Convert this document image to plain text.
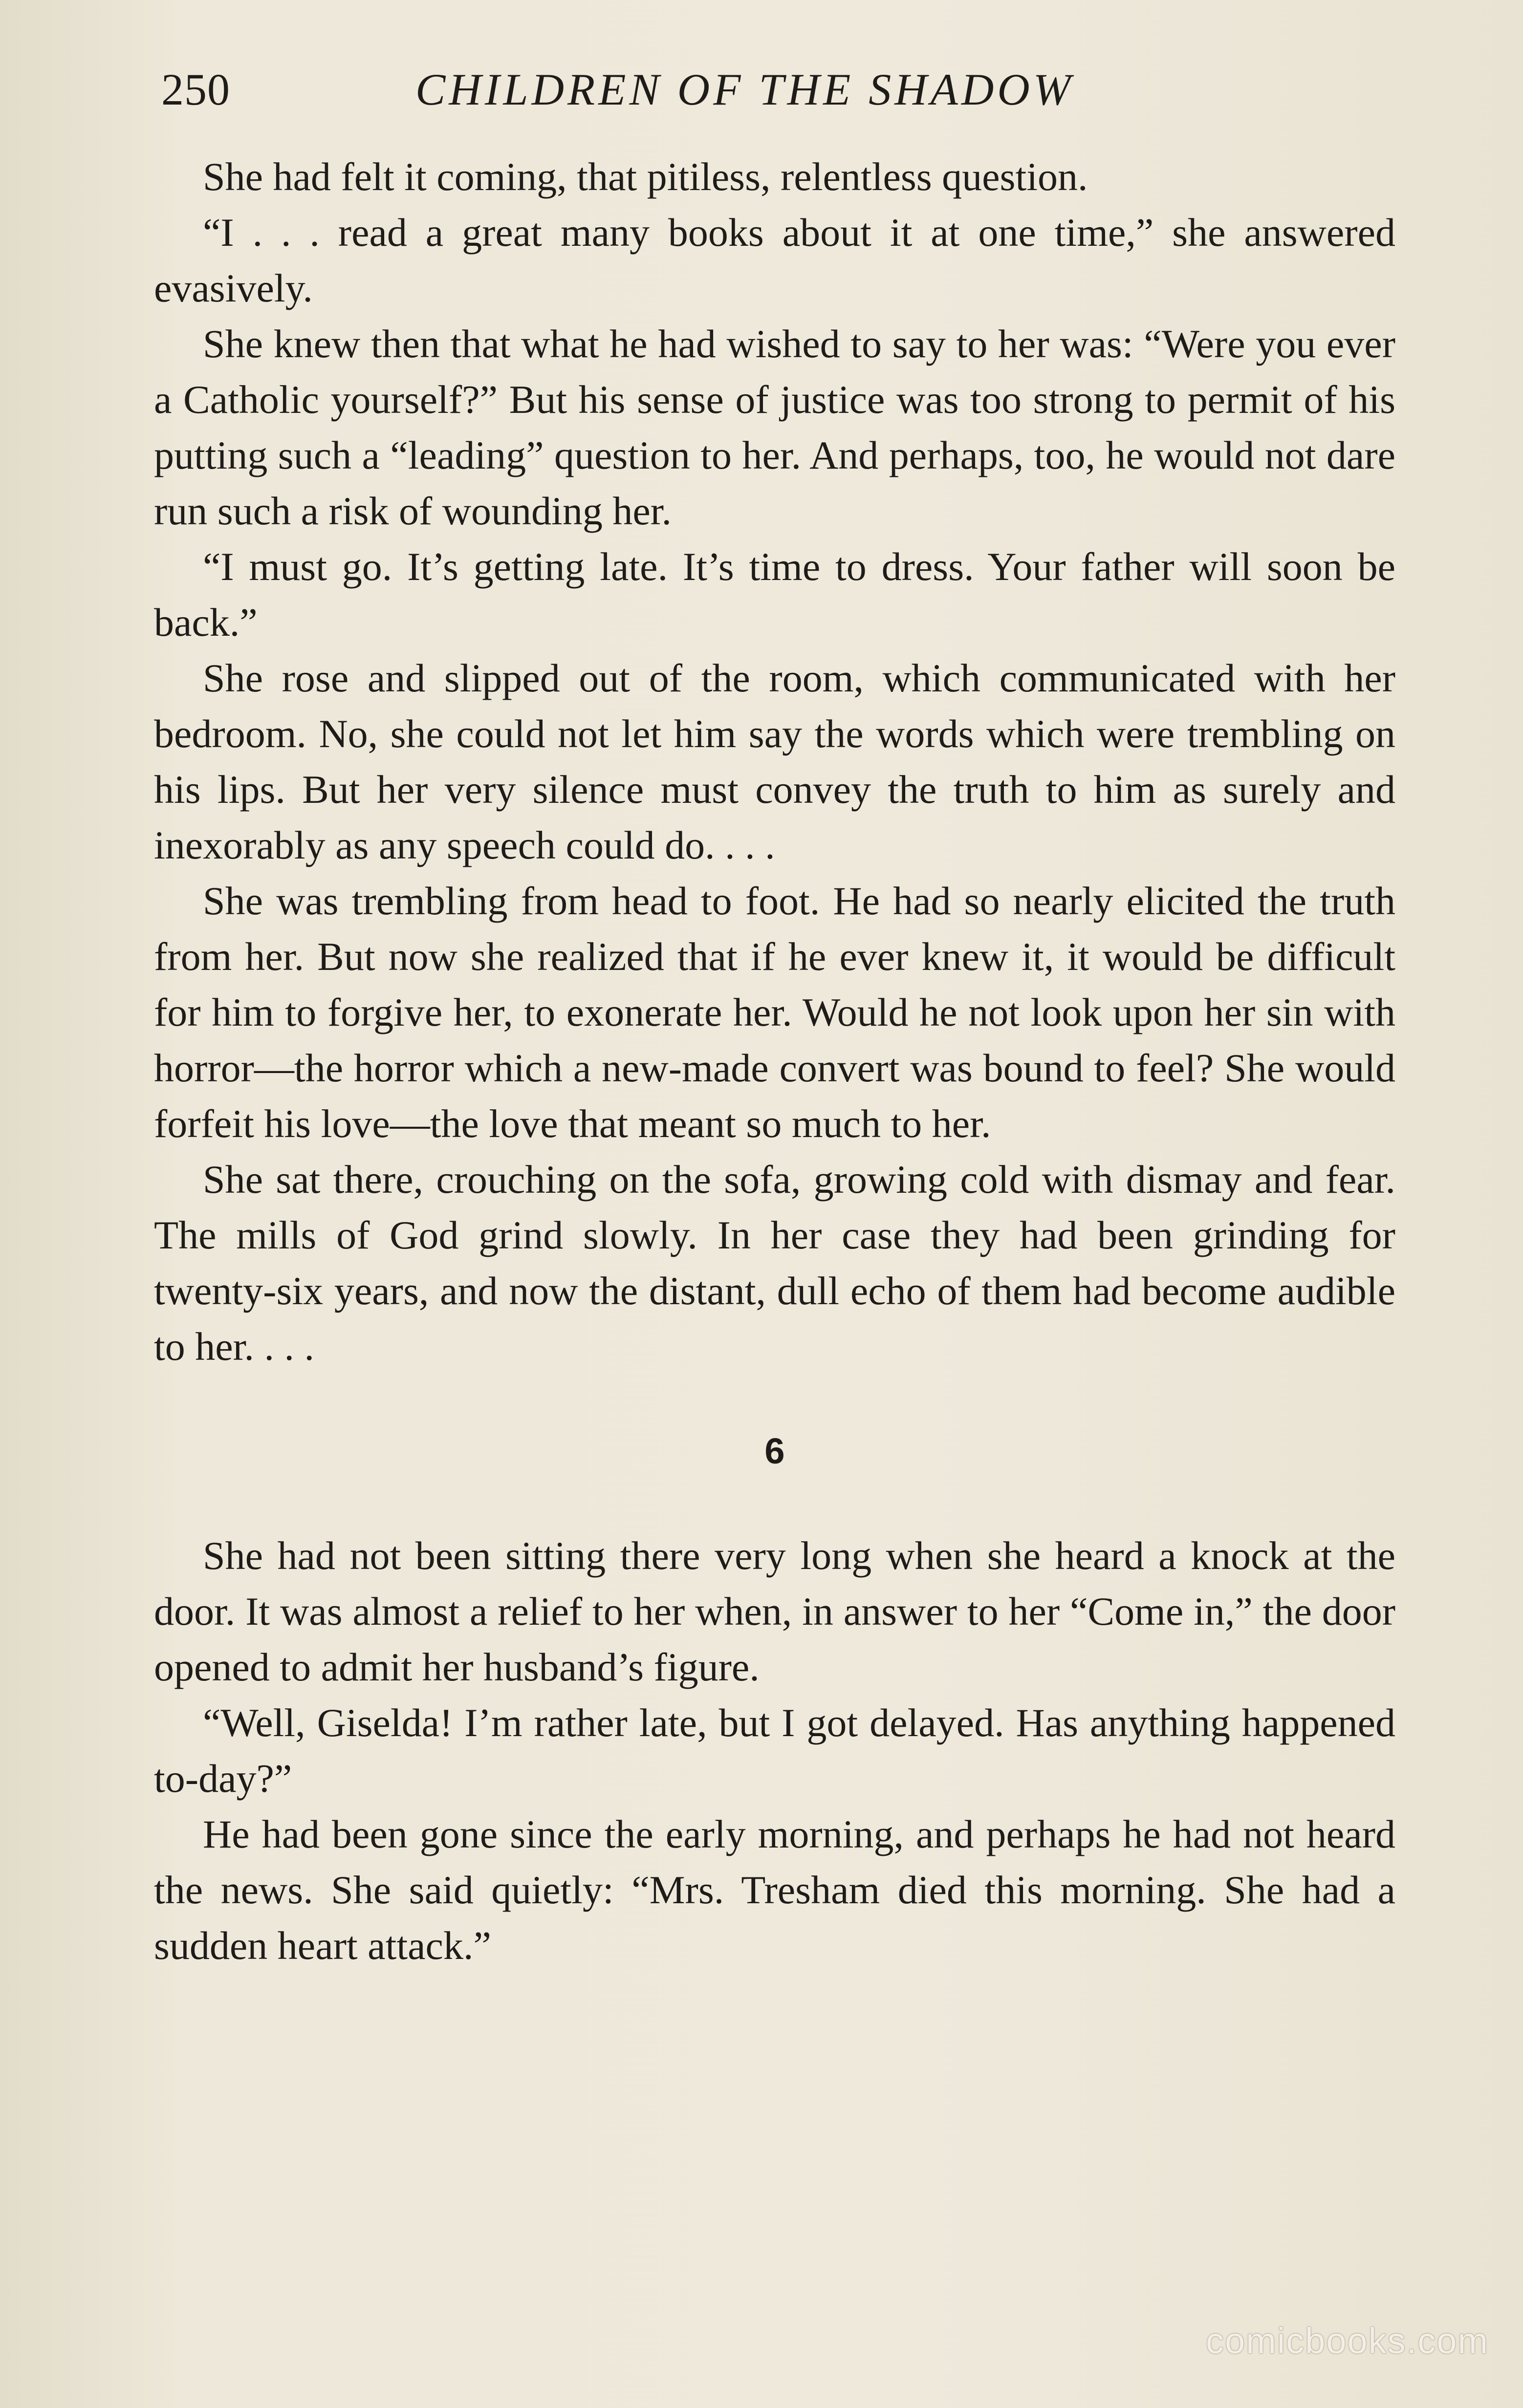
250	CHILDREN OF THE SHADOW

She had felt it coming, that pitiless, relentless question.

“I . . . read a great many books about it at one time,” she answered evasively.

She knew then that what he had wished to say to her was: “Were you ever a Catholic yourself?” But his sense of justice was too strong to permit of his putting such a “leading” question to her. And perhaps, too, he would not dare run such a risk of wounding her.

“I must go. It’s getting late. It’s time to dress. Your father will soon be back.”

She rose and slipped out of the room, which communicated with her bedroom. No, she could not let him say the words which were trembling on his lips. But her very silence must convey the truth to him as surely and inexorably as any speech could do. . . .

She was trembling from head to foot. He had so nearly elicited the truth from her. But now she realized that if he ever knew it, it would be difficult for him to forgive her, to exonerate her. Would he not look upon her sin with horror—the horror which a new-made convert was bound to feel? She would forfeit his love—the love that meant so much to her.

She sat there, crouching on the sofa, growing cold with dismay and fear. The mills of God grind slowly. In her case they had been grinding for twenty-six years, and now the distant, dull echo of them had become audible to her. . . .

6

She had not been sitting there very long when she heard a knock at the door. It was almost a relief to her when, in answer to her “Come in,” the door opened to admit her husband’s figure.

“Well, Giselda! I’m rather late, but I got delayed. Has anything happened to-day?”

He had been gone since the early morning, and perhaps he had not heard the news. She said quietly: “Mrs. Tresham died this morning. She had a sudden heart attack.”

comicbooks.com
